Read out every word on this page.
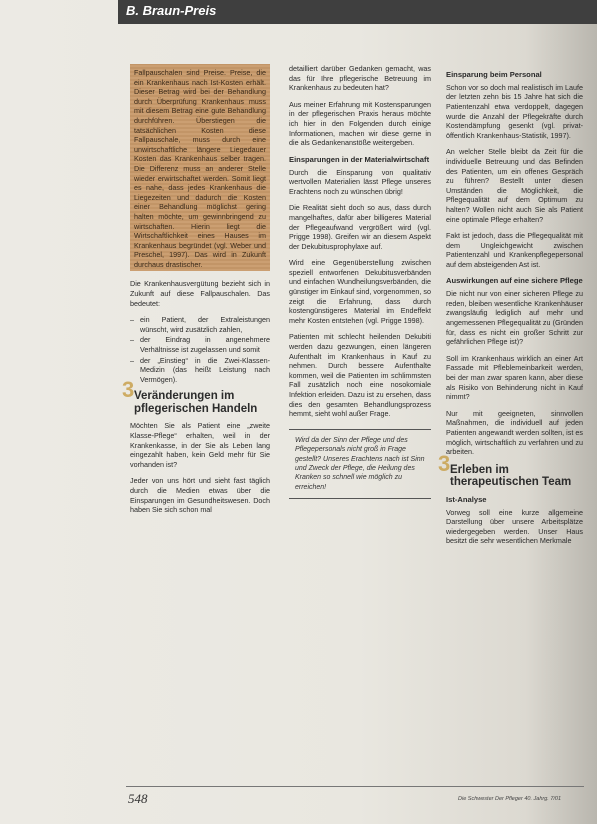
B. Braun-Preis

Fallpauschalen sind Preise. Preise, die ein Krankenhaus nach Ist-Kosten erhält. Dieser Betrag wird bei der Behandlung durch Überprüfung Krankenhaus muss mit diesem Betrag eine gute Behandlung durchführen. Überstiegen die tatsächlichen Kosten diese Fallpauschale, muss durch eine unwirtschaftliche längere Liegedauer Kosten das Krankenhaus selber tragen. Die Differenz muss an anderer Stelle wieder erwirtschaftet werden. Somit liegt es nahe, dass jedes Krankenhaus die Liegezeiten und dadurch die Kosten einer Behandlung möglichst gering halten möchte, um gewinnbringend zu wirtschaften. Hierin liegt die Wirtschaftlichkeit eines Hauses im Krankenhaus begründet (vgl. Weber und Preschel, 1997). Das wird in Zukunft durchaus drastischer.

Die Krankenhausvergütung bezieht sich in Zukunft auf diese Fallpauschalen. Das bedeutet:

– ein Patient, der Extraleistungen wünscht, wird zusätzlich zahlen,
– der Eindrag in angenehmere Verhältnisse ist zugelassen und somit
– der „Einstieg“ in die Zwei-Klassen-Medizin (das heißt Leistung nach Vermögen).
3 Veränderungen im pflegerischen Handeln

Möchten Sie als Patient eine „zweite Klasse-Pflege“ erhalten, weil in der Krankenkasse, in der Sie als Leben lang eingezahlt haben, kein Geld mehr für Sie vorhanden ist?

Jeder von uns hört und sieht fast täglich durch die Medien etwas über die Einsparungen im Gesundheitswesen. Doch haben Sie sich schon mal

detailliert darüber Gedanken gemacht, was das für Ihre pflegerische Betreuung im Krankenhaus zu bedeuten hat?

Aus meiner Erfahrung mit Kostensparungen in der pflegerischen Praxis heraus möchte ich hier in den Folgenden durch einige Informationen, machen wir diese gerne in die als Gedankenanstöße weitergeben.

Einsparungen in der Materialwirtschaft

Durch die Einsparung von qualitativ wertvollen Materialien lässt Pflege unseres Erachtens noch zu wünschen übrig!

Die Realität sieht doch so aus, dass durch mangelhaftes, dafür aber billigeres Material der Pflegeaufwand vergrößert wird (vgl. Prigge 1998). Greifen wir an diesem Aspekt der Dekubitusprophylaxe auf.

Wird eine Gegenüberstellung zwischen speziell entworfenen Dekubitusverbänden und einfachen Wundheilungsverbänden, die günstiger im Einkauf sind, vorgenommen, so zeigt die Erfahrung, dass durch kostengünstigeres Material im Endeffekt mehr Kosten entstehen (vgl. Prigge 1998).

Patienten mit schlecht heilenden Dekubiti werden dazu gezwungen, einen längeren Aufenthalt im Krankenhaus in Kauf zu nehmen. Durch bessere Aufenthalte kommen, weil die Patienten im schlimmsten Fall zusätzlich noch eine nosokomiale Infektion erleiden. Dazu ist zu ersehen, dass dies den gesamten Behandlungsprozess hemmt, sieht wohl außer Frage.

Wird da der Sinn der Pflege und des Pflegepersonals nicht groß in Frage gestellt? Unseres Erachtens nach ist Sinn und Zweck der Pflege, die Heilung des Kranken so schnell wie möglich zu erreichen!
Einsparung beim Personal

Schon vor so doch mal realistisch im Laufe der letzten zehn bis 15 Jahre hat sich die Patientenzahl etwa verdoppelt, dagegen wurde die Anzahl der Pflegekräfte durch Kostendämpfung gesenkt (vgl. privat-öffentlich Krankenhaus-Statistik, 1997).

An welcher Stelle bleibt da Zeit für die individuelle Betreuung und das Befinden des Patienten, um ein offenes Gespräch zu führen? Bestellt unter diesen Umständen die Möglichkeit, die Pflegequalität auf dem Optimum zu halten? Wollen nicht auch Sie als Patient eine optimale Pflege erhalten?

Fakt ist jedoch, dass die Pflegequalität mit dem Ungleichgewicht zwischen Patientenzahl und Krankenpflegepersonal auf dem absteigenden Ast ist.

Auswirkungen auf eine sichere Pflege

Die nicht nur von einer sicheren Pflege zu reden, bleiben wesentliche Krankenhäuser zwangsläufig lediglich auf mehr und angemessenen Pflegequalität zu (Gründen für, dass es nicht ein großer Schritt zur gefährlichen Pflege ist)?

Soll im Krankenhaus wirklich an einer Art Fassade mit Pfleblemeinbarkeit werden, bei der man zwar sparen kann, aber diese als Risiko von Behinderung nicht in Kauf nimmt?

Nur mit geeigneten, sinnvollen Maßnahmen, die individuell auf jeden Patienten angewandt werden sollten, ist es möglich, wirtschaftlich zu verfahren und zu arbeiten.

3 Erleben im therapeutischen Team
Ist-Analyse

Vorweg soll eine kurze allgemeine Darstellung über unsere Arbeitsplätze wiedergegeben werden. Unser Haus besitzt die sehr wesentlichen Merkmale

548	Die Schwester Der Pfleger 40. Jahrg. 7/01
